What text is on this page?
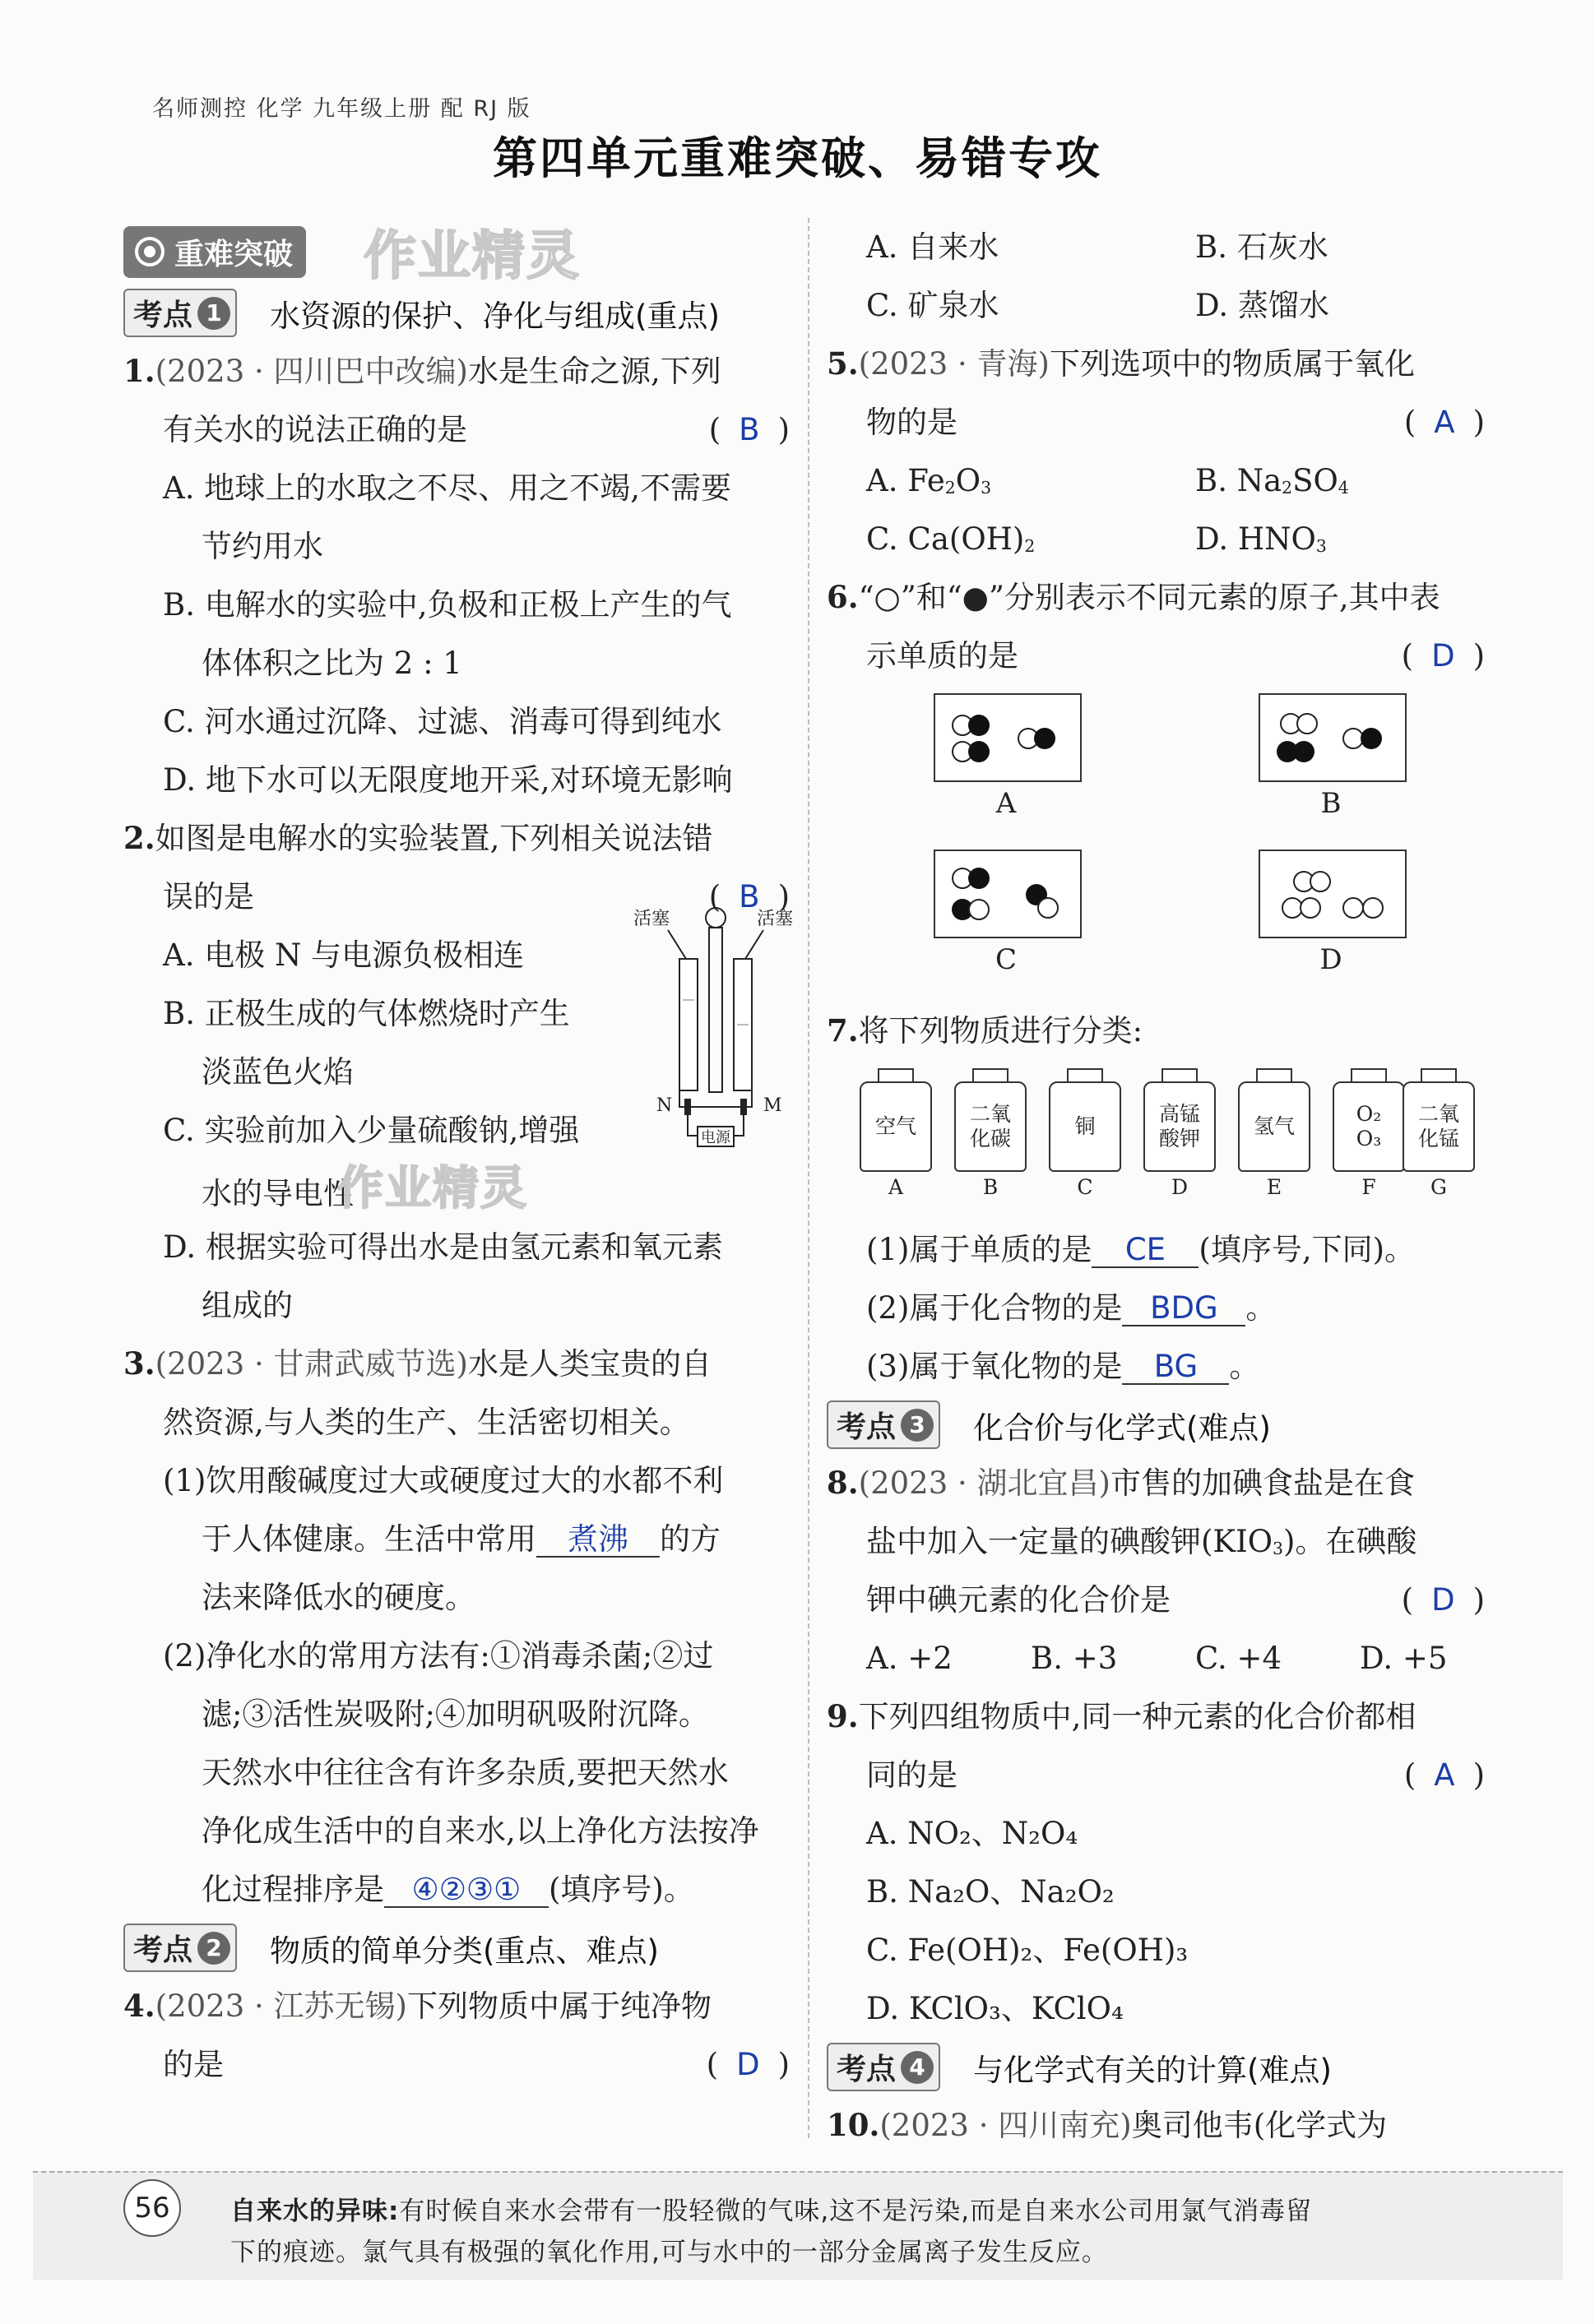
名师测控 化学 九年级上册 配 RJ 版
第四单元重难突破、易错专攻
重难突破 作业精灵
考点 1 水资源的保护、净化与组成(重点)
1.(2023 · 四川巴中改编)水是生命之源,下列
有关水的说法正确的是	( B )
A. 地球上的水取之不尽、用之不竭,不需要
节约用水
B. 电解水的实验中,负极和正极上产生的气
体体积之比为 2 : 1
C. 河水通过沉降、过滤、消毒可得到纯水
D. 地下水可以无限度地开采,对环境无影响
2.如图是电解水的实验装置,下列相关说法错
误的是	( B )
A. 电极 N 与电源负极相连
B. 正极生成的气体燃烧时产生
淡蓝色火焰
C. 实验前加入少量硫酸钠,增强
水的导电性作业精灵
D. 根据实验可得出水是由氢元素和氧元素
组成的
活塞	活塞
N	M
电源
3.(2023 · 甘肃武威节选)水是人类宝贵的自
然资源,与人类的生产、生活密切相关。
(1)饮用酸碱度过大或硬度过大的水都不利
于人体健康。生活中常用 煮沸 的方
法来降低水的硬度。
(2)净化水的常用方法有:①消毒杀菌;②过
滤;③活性炭吸附;④加明矾吸附沉降。
天然水中往往含有许多杂质,要把天然水
净化成生活中的自来水,以上净化方法按净
化过程排序是 ④②③① (填序号)。
考点 2 物质的简单分类(重点、难点)
4.(2023 · 江苏无锡)下列物质中属于纯净物
的是	( D )
A. 自来水	B. 石灰水
C. 矿泉水	D. 蒸馏水
5.(2023 · 青海)下列选项中的物质属于氧化
物的是	( A )
A. $Fe_2O_3$	B. $Na_2SO_4$
C. $Ca(OH)_2$	D. $HNO_3$
6.“○”和“●”分别表示不同元素的原子,其中表
示单质的是	( D )
A	B
C	D
7.将下列物质进行分类:
空气

A
二氧
化碳
B
铜

C
高锰
酸钾
D
氢气

E
O₂
O₃
F
二氧
化锰
G
(1)属于单质的是 CE (填序号,下同)。
(2)属于化合物的是 BDG 。
(3)属于氧化物的是 BG 。
考点 3 化合价与化学式(难点)
8.(2023 · 湖北宜昌)市售的加碘食盐是在食
盐中加入一定量的碘酸钾$(KIO_3)$。在碘酸
钾中碘元素的化合价是	( D )
A. +2	B. +3	C. +4	D. +5
9.下列四组物质中,同一种元素的化合价都相
同的是	( A )
A. NO₂、N₂O₄
B. Na₂O、Na₂O₂
C. Fe(OH)₂、Fe(OH)₃
D. KClO₃、KClO₄
考点 4 与化学式有关的计算(难点)
10.(2023 · 四川南充)奥司他韦(化学式为
56	自来水的异味:有时候自来水会带有一股轻微的气味,这不是污染,而是自来水公司用氯气消毒留
下的痕迹。氯气具有极强的氧化作用,可与水中的一部分金属离子发生反应。
